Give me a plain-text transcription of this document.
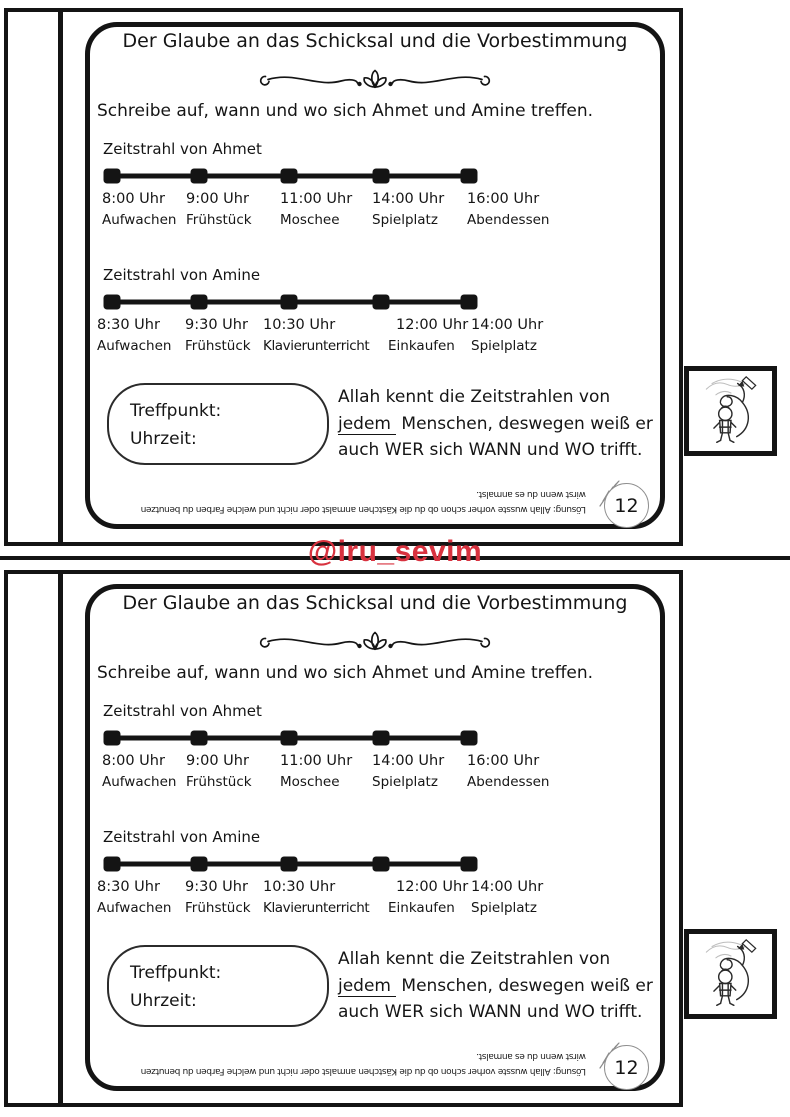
Der Glaube an das Schicksal und die Vorbestimmung
Schreibe auf, wann und wo sich Ahmet und Amine treffen.
Zeitstrahl von Ahmet
8:00 Uhr
Aufwachen
9:00 Uhr
Frühstück
11:00 Uhr
Moschee
14:00 Uhr
Spielplatz
16:00 Uhr
Abendessen
Zeitstrahl von Amine
8:30 Uhr
Aufwachen
9:30 Uhr
Frühstück
10:30 Uhr
Klavierunterricht
12:00 Uhr
Einkaufen
14:00 Uhr
Spielplatz
Treffpunkt:
Uhrzeit:
Allah kennt die Zeitstrahlen von
jedem Menschen, deswegen weiß er
auch WER sich WANN und WO trifft.
Lösung: Allah wusste vorher schon ob du die Kästchen anmalst oder nicht und welche Farben du benutzen
wirst wenn du es anmalst.
12
@iru_sevim
Der Glaube an das Schicksal und die Vorbestimmung
Schreibe auf, wann und wo sich Ahmet und Amine treffen.
Zeitstrahl von Ahmet
8:00 Uhr
Aufwachen
9:00 Uhr
Frühstück
11:00 Uhr
Moschee
14:00 Uhr
Spielplatz
16:00 Uhr
Abendessen
Zeitstrahl von Amine
8:30 Uhr
Aufwachen
9:30 Uhr
Frühstück
10:30 Uhr
Klavierunterricht
12:00 Uhr
Einkaufen
14:00 Uhr
Spielplatz
Treffpunkt:
Uhrzeit:
Allah kennt die Zeitstrahlen von
jedem Menschen, deswegen weiß er
auch WER sich WANN und WO trifft.
Lösung: Allah wusste vorher schon ob du die Kästchen anmalst oder nicht und welche Farben du benutzen
wirst wenn du es anmalst.
12
